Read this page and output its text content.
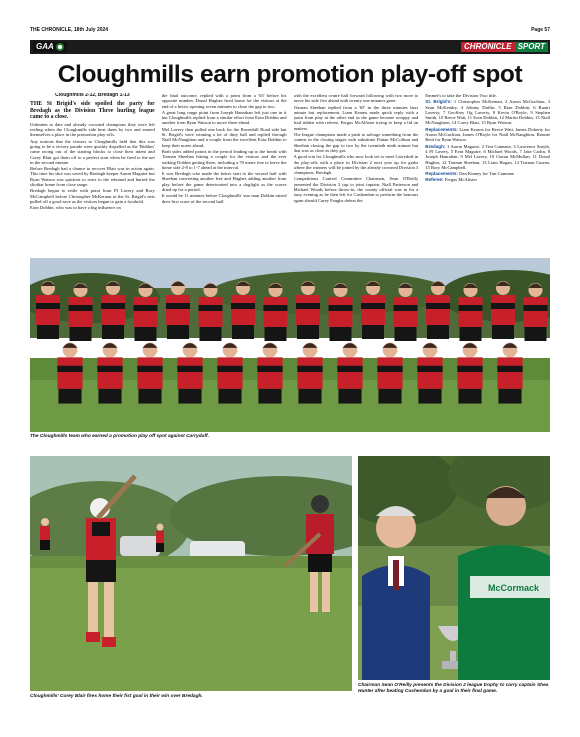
THE CHRONICLE, 18th July 2024	Page 57
GAA	CHRONICLE SPORT
Cloughmills earn promotion play-off spot

Cloughmills 2-12, Bredagh 1-13

THE St Brigid's side spoiled the party for Bredagh as the Division Three hurling league came to a close.

Unbeaten to date and already crowned champions they were left reeling when the Cloughmills side beat them by two and earned themselves a place in the promotion play-offs.

Any notions that the visitors to Cloughmills held that this was going to be a victory parade were quickly dispelled as the 'Biddies' came racing out of the starting blocks to close their intent and Corey Blair got them off to a perfect start when he fired to the net in the second minute.

Before Bredagh had a chance to recover Blair was in action again. This time his shot was saved by Bredagh keeper Aaron Maguire but Ryan Watson was quickest to react to the rebound and buried the sliothar home from close range.

Bredagh began to settle with point from PJ Lavery and Rory McCampbell before Christopher McKernan in the St. Brigid's nets pulled off a good save as the visitors began to gain a foothold.

Eoin Dobbin, who was to have a big influence on

the final outcome, replied with a point from a '65' before his opposite number, Donal Hughes fired home for the visitors at the end of a hectic opening seven minutes to close the gap to two.

A great long range point from Joseph Hanrahan left just one in it but Cloughmills replied from a similar effort from Eoin Dobbin and another from Ryan Watson to move three ahead.

Mel Lavery then pulled one back for the Ravenhill Road side but St. Brigid's were winning a lot of dirty ball and replied through Niall McNaughton and a couple from the excellent Eoin Dobbin to keep their noses ahead.

Both sides added points in the period leading up to the break with Tiarnan Sheehan hitting a couple for the visitors and the ever striking Dobbin getting three, including a 70 metre free to leave the home side 2-8 to 1-7 ahead at the interval.

It was Bredagh who made the better start to the second half with Sheehan converting another free and Hughes adding another from play before the game deteriorated into a dogfight as the scores dried up for a period.

It would be 11 minutes before Cloughmills' star man Dobbin raised their first score of the second half

with the excellent centre half forward following with two more to move his side five ahead with twenty one minutes gone.

Tiarnan Sheehan replied from a '65' in the three minutes later minute but replacement, Liam Kearns made quick reply with a point from play at the other end as the game became scrappy and frail tidden with referee, Fergus McAllister trying to keep a lid on matters.

The league champions made a push to salvage something from the contest in the closing stages with substitute Fintan McCollum and Sheehan closing the gap to two by the twentieth ninth minute but that was as close as they got.

A good win for Cloughmills who now look set to meet Carryduff in the play-offs with a place in Division 2 next year up for grabs where the winners will be joined by the already crowned Division 3 champions, Bredagh.

Competitions Control Committee Chairman, Sean O'Reilly presented the Division 3 cup to joint captain, Niall Patterson and Michael Woods before throw-in, the county official was in for a busy evening as he then left for Cushendun to perform the honours again should Carey Faughs defeat the

Emmet's to take the Division Two title.

St. Brigid's: 1 Christopher McKernan, 2 Aaron McGuchian, 3 Sean McKendry, 4 Johnny Duffin, 5 Rian Dobbin, 6 Ruairi Laverty, 7 Geoffrey Og Laverty, 8 Kevin O'Boyle, 9 Stephen Smith, 10 Reece Watt, 11 Eoin Dobbin, 12 Martin Dobbin, 13 Niall McNaughton, 14 Corey Blair, 15 Ryan Watson.

Replacements: Liam Kearns for Reece Watt, James Doherty for Aaron McGuchian, James O'Boyle for Niall McNaughton, Ronnie Reid for Ryan Watson

Bredagh: 1 Aaron Maguire, 2 Tim Cunnane, 3 Lawrence Smyth, 4 PJ Lavery, 5 Evin Maguire, 6 Michael Woods, 7 Jake Carlin, 8 Joseph Hanrahan, 9 Mel Lavery, 10 Ciaran McMullan, 11 Donal Hughes, 12 Tiarnan Sheehan, 13 Liam Hogan, 14 Tiarnan Curran, 15 Rory McCampbell.

Replacements: Dan Kinney for Tim Cunnane

Referee: Fergus McAlister

The Cloughmills team who earned a promotion play off spot against Carryduff.
Cloughmills' Corey Blair fires home their fist goal in their win over Bredagh.
McCormack
Chairman Sean O'Reilly presents the Division 2 league trophy to carry captain Shea Hunter after beating Cushendun by a goal in their final game.
